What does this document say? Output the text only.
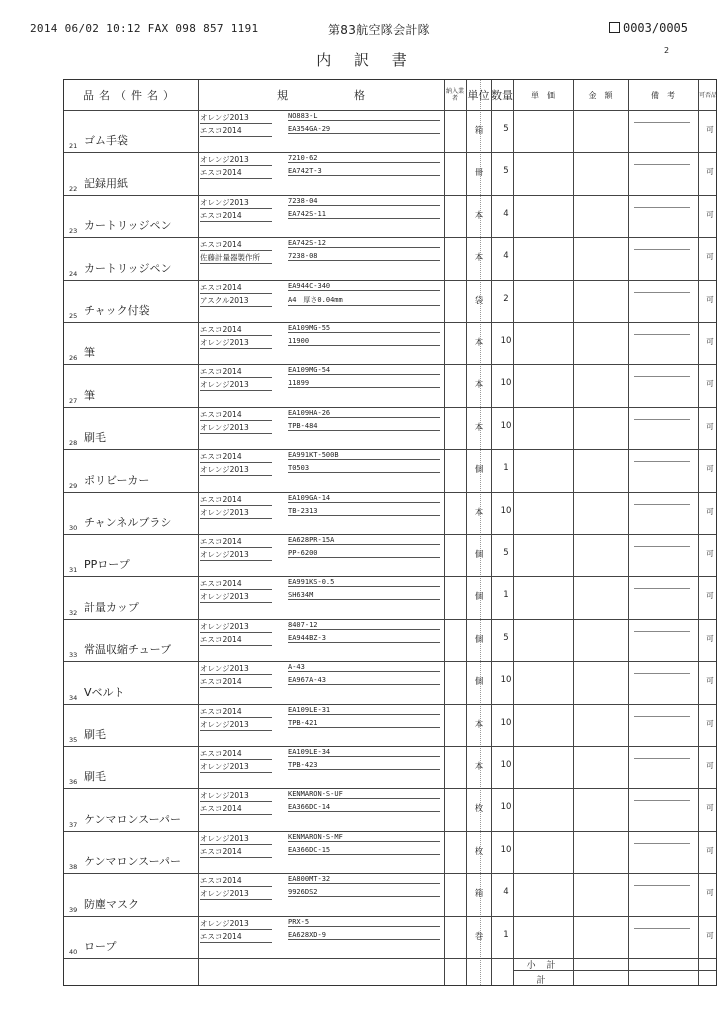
2014 06/02 10:12 FAX 098 857 1191	第83航空隊会計隊	0003/0005
内 訳 書
2
品名（件名）	規　　　　　　格	納入業者 単位 数量	単　価	金　額	備　考	可否品
21 ゴム手袋
オレンジ2013	NO883-L
エスコ2014	EA354GA-29	箱	5	可
22 記録用紙
オレンジ2013	7210-62
エスコ2014	EA742T-3	冊	5	可
23 カートリッジペン
オレンジ2013	7238-04
エスコ2014	EA742S-11	本	4	可
24 カートリッジペン
エスコ2014	EA742S-12
佐藤計量器製作所	7238-08	本	4	可
25 チャック付袋
エスコ2014	EA944C-340
アスクル2013	A4　厚さ0.04mm	袋	2	可
26 筆
エスコ2014	EA109MG-55
オレンジ2013	11900	本	10	可
27 筆
エスコ2014	EA109MG-54
オレンジ2013	11899	本	10	可
28 刷毛
エスコ2014	EA109HA-26
オレンジ2013	TPB-484	本	10	可
29 ポリビーカー
エスコ2014	EA991KT-500B
オレンジ2013	T0503	個	1	可
30 チャンネルブラシ
エスコ2014	EA109GA-14
オレンジ2013	TB-2313	本	10	可
31 PPロープ
エスコ2014	EA628PR-15A
オレンジ2013	PP-6200	個	5	可
32 計量カップ
エスコ2014	EA991KS-0.5
オレンジ2013	SH634M	個	1	可
33 常温収縮チューブ
オレンジ2013	8407-12
エスコ2014	EA944BZ-3	個	5	可
34 Vベルト
オレンジ2013	A-43
エスコ2014	EA967A-43	個	10	可
35 刷毛
エスコ2014	EA109LE-31
オレンジ2013	TPB-421	本	10	可
36 刷毛
エスコ2014	EA109LE-34
オレンジ2013	TPB-423	本	10	可
37 ケンマロンスーパー
オレンジ2013	KENMARON-S-UF
エスコ2014	EA366DC-14	枚	10	可
38 ケンマロンスーパー
オレンジ2013	KENMARON-S-MF
エスコ2014	EA366DC-15	枚	10	可
39 防塵マスク
エスコ2014	EA800MT-32
オレンジ2013	9926DS2	箱	4	可
40 ロープ
オレンジ2013	PRX-5
エスコ2014	EA628XD-9	巻	1	可
小 計
計
